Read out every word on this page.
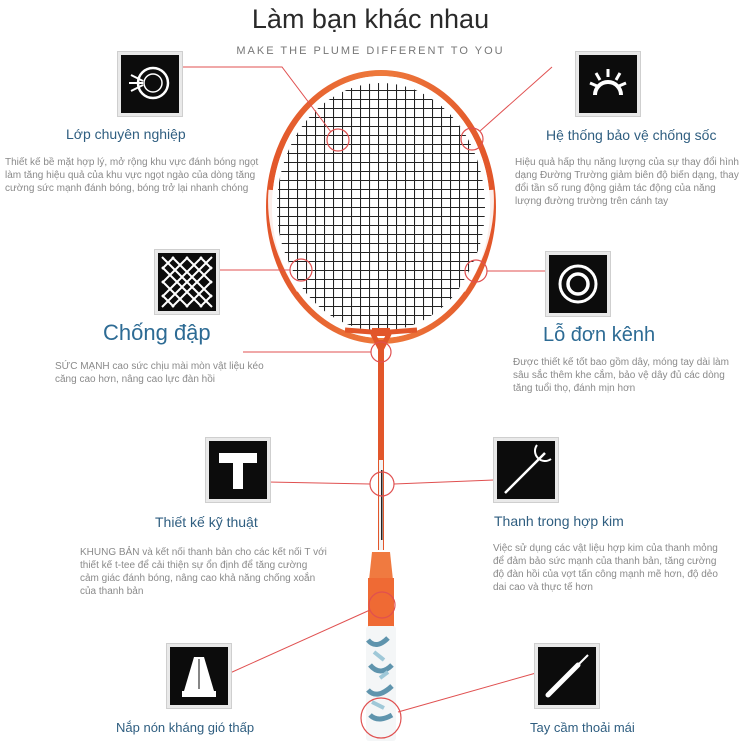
Làm bạn khác nhau
MAKE THE PLUME DIFFERENT TO YOU
Lớp chuyên nghiệp
Thiết kế bề mặt hợp lý, mở rộng khu vực đánh bóng ngọt làm tăng hiệu quả của khu vực ngọt ngào của dòng tăng cường sức mạnh đánh bóng, bóng trở lại nhanh chóng
Hệ thống bảo vệ chống sốc
Hiệu quả hấp thụ năng lượng của sự thay đổi hình dạng Đường Trường giảm biên độ biến dạng, thay đổi tần số rung động giảm tác động của năng lượng đường trường trên cánh tay
Chống đập
SỨC MẠNH cao sức chịu mài mòn vật liệu kéo căng cao hơn, nâng cao lực đàn hồi
Lỗ đơn kênh
Được thiết kế tốt bao gồm dây, móng tay dài làm sâu sắc thêm khe cắm, bảo vệ dây đủ các dòng tăng tuổi thọ, đánh mịn hơn
Thiết kế kỹ thuật
KHUNG BẢN và kết nối thanh bản cho các kết nối T với thiết kế t-tee để cải thiện sự ổn định để tăng cường cảm giác đánh bóng, nâng cao khả năng chống xoắn của thanh bản
Thanh trong hợp kim
Việc sử dụng các vật liệu hợp kim của thanh mỏng để đảm bảo sức mạnh của thanh bản, tăng cường độ đàn hồi của vợt tấn công mạnh mẽ hơn, độ dẻo dai cao và thực tế hơn
Nắp nón kháng gió thấp	Tay cầm thoải mái
